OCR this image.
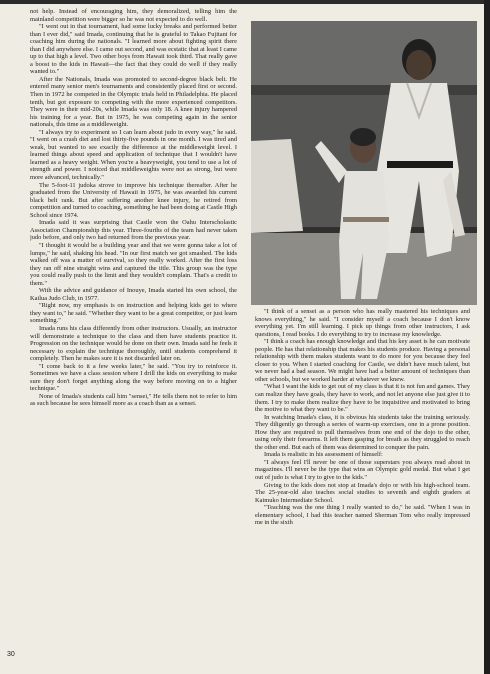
not help. Instead of encouraging him, they demoralized, telling him the mainland competition were bigger so he was not expected to do well.

"I went out in that tournament, had some lucky breaks and performed better than I ever did," said Imada, continuing that he is grateful to Takao Fujitani for coaching him during the nationals. "I learned more about fighting spirit there than I did anywhere else. I came out second, and was ecstatic that at least I came up to that high a level. Two other boys from Hawaii took third. That really gave a boost to the kids in Hawaii—the fact that they could do well if they really wanted to."

After the Nationals, Imada was promoted to second-degree black belt. He entered many senior men's tournaments and consistently placed first or second. Then in 1972 he competed in the Olympic trials held in Philadelphia. He placed tenth, but got exposure to competing with the more experienced competitors. They were in their mid-20s, while Imada was only 18. A knee injury hampered his training for a year. But in 1975, he was competing again in the senior nationals, this time as a middleweight.

"I always try to experiment so I can learn about judo in every way," he said. "I went on a crash diet and lost thirty-five pounds in one month. I was tired and weak, but wanted to see exactly the difference at the middleweight level. I learned things about speed and application of technique that I wouldn't have learned as a heavy weight. When you're a heavyweight, you tend to use a lot of strength and power. I noticed that middleweights were not as strong, but were more advanced, technically."

The 5-foot-11 judoka strove to improve his technique thereafter. After he graduated from the University of Hawaii in 1975, he was awarded his current black belt rank. But after suffering another knee injury, he retired from competition and turned to coaching, something he had been doing at Castle High School since 1974.

Imada said it was surprising that Castle won the Oahu Interscholastic Association Championship this year. Three-fourths of the team had never taken judo before, and only two had returned from the previous year.

"I thought it would be a building year and that we were gonna take a lot of lumps," he said, shaking his head. "In our first match we got smashed. The kids walked off was a matter of survival, so they really worked. After the first loss they ran off nine straight wins and captured the title. This group was the type you could really push to the limit and they wouldn't complain. That's a credit to them."

With the advice and guidance of Inouye, Imada started his own school, the Kailua Judo Club, in 1977.

"Right now, my emphasis is on instruction and helping kids get to where they want to," he said. "Whether they want to be a great competitor, or just learn something."

Imada runs his class differently from other instructors. Usually, an instructor will demonstrate a technique to the class and then have students practice it. Progression on the technique would be done on their own. Imada said he feels it necessary to explain the technique thoroughly, until students comprehend it completely. Then he makes sure it is not discarded later on.

"I come back to it a few weeks later," he said. "You try to reinforce it. Sometimes we have a class session where I drill the kids on everything to make sure they don't forget anything along the way before moving on to a higher technique."

None of Imada's students call him "sensei," He tells them not to refer to him as such because he sees himself more as a coach than as a sensei.

"I think of a sensei as a person who has really mastered his techniques and knows everything," he said. "I consider myself a coach because I don't know everything yet. I'm still learning. I pick up things from other instructors, I ask questions, I read books. I do everything to try to increase my knowledge.

"I think a coach has enough knowledge and that his key asset is he can motivate people. He has that relationship that makes his students produce. Having a personal relationship with them makes students want to do more for you because they feel closer to you. When I started coaching for Castle, we didn't have much talent, but we never had a bad season. We might have had a better amount of techniques than other schools, but we worked harder at whatever we knew.

"What I want the kids to get out of my class is that it is not fun and games. They can realize they have goals, they have to work, and not let anyone else just give it to them. I try to make them realize they have to be inquisitive and motivated to bring the motive to what they want to be."

In watching Imada's class, it is obvious his students take the training seriously. They diligently go through a series of warm-up exercises, one in a prone position. How they are required to pull themselves from one end of the dojo to the other, using only their forearms. It left them gasping for breath as they struggled to reach the other end. But each of them was determined to conquer the pain.

Imada is realistic in his assessment of himself:

"I always feel I'll never be one of those superstars you always read about in magazines. I'll never be the type that wins an Olympic gold medal. But what I get out of judo is what I try to give to the kids."

Giving to the kids does not stop at Imada's dojo or with his high-school team. The 25-year-old also teaches social studies to seventh and eighth graders at Kaimuko Intermediate School.

"Teaching was the one thing I really wanted to do," he said. "When I was in elementary school, I had this teacher named Sherman Tom who really impressed me in the sixth

30
